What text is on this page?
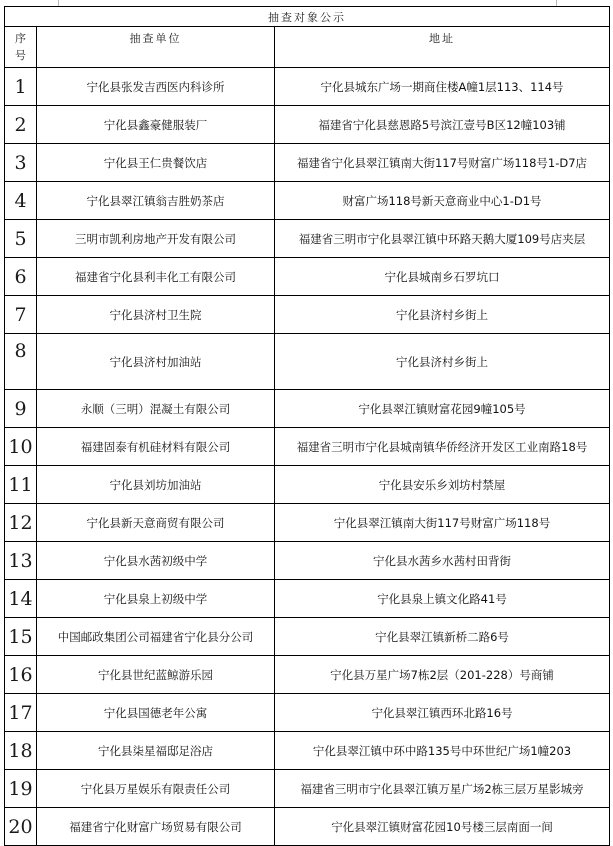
抽查对象公示		
序
号	抽查单位	地址
1	宁化县张发吉西医内科诊所	宁化县城东广场一期商住楼A幢1层113、114号
2	宁化县鑫豪健服装厂	福建省宁化县慈恩路5号滨江壹号B区12幢103铺
3	宁化县王仁贵餐饮店	福建省宁化县翠江镇南大街117号财富广场118号1-D7店
4	宁化县翠江镇翁吉胜奶茶店	财富广场118号新天意商业中心1-D1号
5	三明市凯利房地产开发有限公司	福建省三明市宁化县翠江镇中环路天鹅大厦109号店夹层
6	福建省宁化县利丰化工有限公司	宁化县城南乡石罗坑口
7	宁化县济村卫生院	宁化县济村乡街上
8	宁化县济村加油站	宁化县济村乡街上
9	永顺（三明）混凝土有限公司	宁化县翠江镇财富花园9幢105号
10	福建固泰有机硅材料有限公司	福建省三明市宁化县城南镇华侨经济开发区工业南路18号
11	宁化县刘坊加油站	宁化县安乐乡刘坊村禁屋
12	宁化县新天意商贸有限公司	宁化县翠江镇南大街117号财富广场118号
13	宁化县水茜初级中学	宁化县水茜乡水茜村田背街
14	宁化县泉上初级中学	宁化县泉上镇文化路41号
15	中国邮政集团公司福建省宁化县分公司	宁化县翠江镇新桥二路6号
16	宁化县世纪蓝鲸游乐园	宁化县万星广场7栋2层（201-228）号商铺
17	宁化县国德老年公寓	宁化县翠江镇西环北路16号
18	宁化县柒星福邸足浴店	宁化县翠江镇中环中路135号中环世纪广场1幢203
19	宁化县万星娱乐有限责任公司	福建省三明市宁化县翠江镇万星广场2栋三层万星影城旁
20	福建省宁化财富广场贸易有限公司	宁化县翠江镇财富花园10号楼三层南面一间
